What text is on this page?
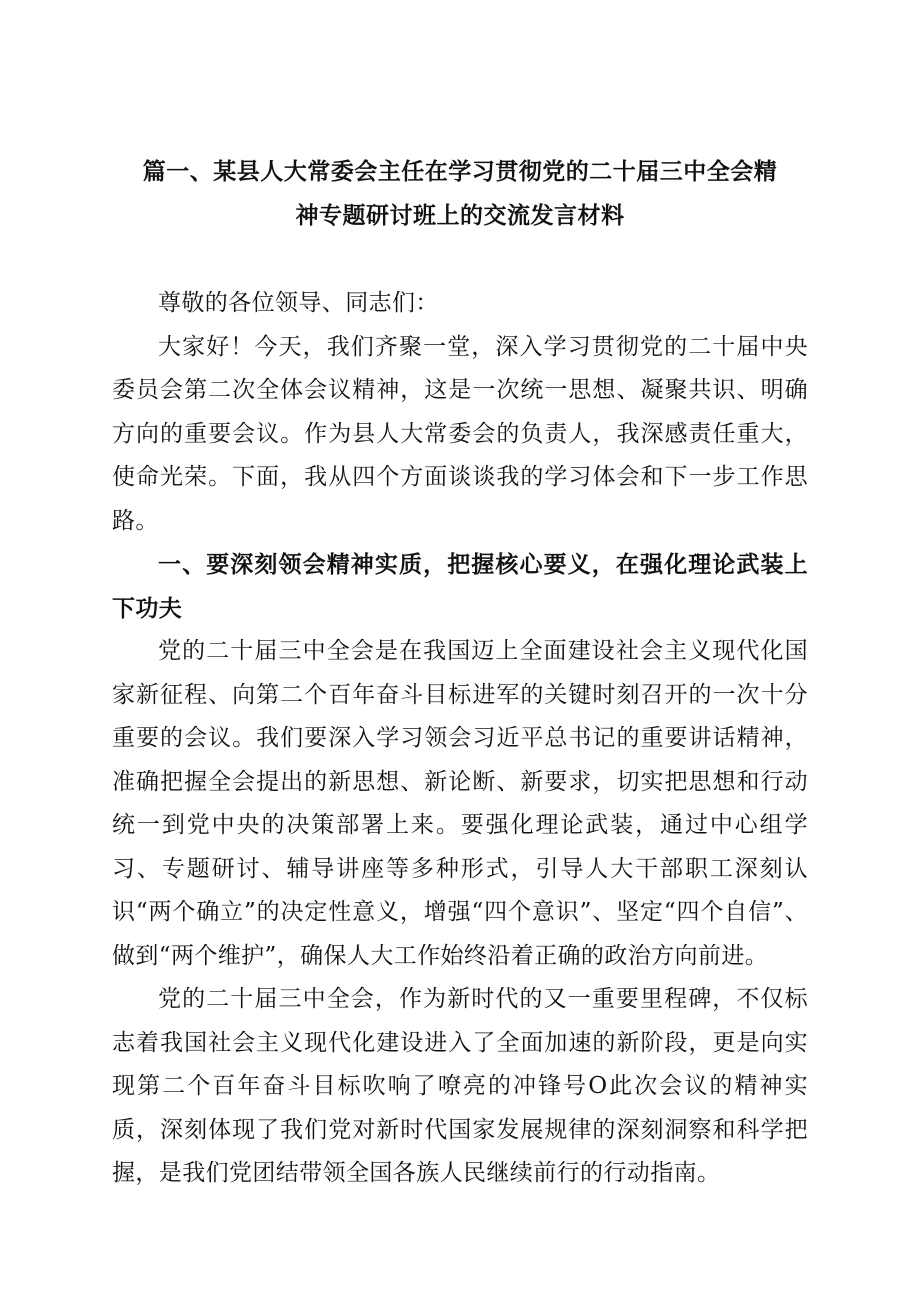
篇一、某县人大常委会主任在学习贯彻党的二十届三中全会精
神专题研讨班上的交流发言材料

尊敬的各位领导、同志们：

大家好！今天，我们齐聚一堂，深入学习贯彻党的二十届中央委员会第二次全体会议精神，这是一次统一思想、凝聚共识、明确方向的重要会议。作为县人大常委会的负责人，我深感责任重大，使命光荣。下面，我从四个方面谈谈我的学习体会和下一步工作思路。

一、要深刻领会精神实质，把握核心要义，在强化理论武装上下功夫

党的二十届三中全会是在我国迈上全面建设社会主义现代化国家新征程、向第二个百年奋斗目标进军的关键时刻召开的一次十分重要的会议。我们要深入学习领会习近平总书记的重要讲话精神，准确把握全会提出的新思想、新论断、新要求，切实把思想和行动统一到党中央的决策部署上来。要强化理论武装，通过中心组学习、专题研讨、辅导讲座等多种形式，引导人大干部职工深刻认识“两个确立”的决定性意义，增强“四个意识”、坚定“四个自信”、做到“两个维护”，确保人大工作始终沿着正确的政治方向前进。

党的二十届三中全会，作为新时代的又一重要里程碑，不仅标志着我国社会主义现代化建设进入了全面加速的新阶段，更是向实现第二个百年奋斗目标吹响了嘹亮的冲锋号O此次会议的精神实质，深刻体现了我们党对新时代国家发展规律的深刻洞察和科学把握，是我们党团结带领全国各族人民继续前行的行动指南。
